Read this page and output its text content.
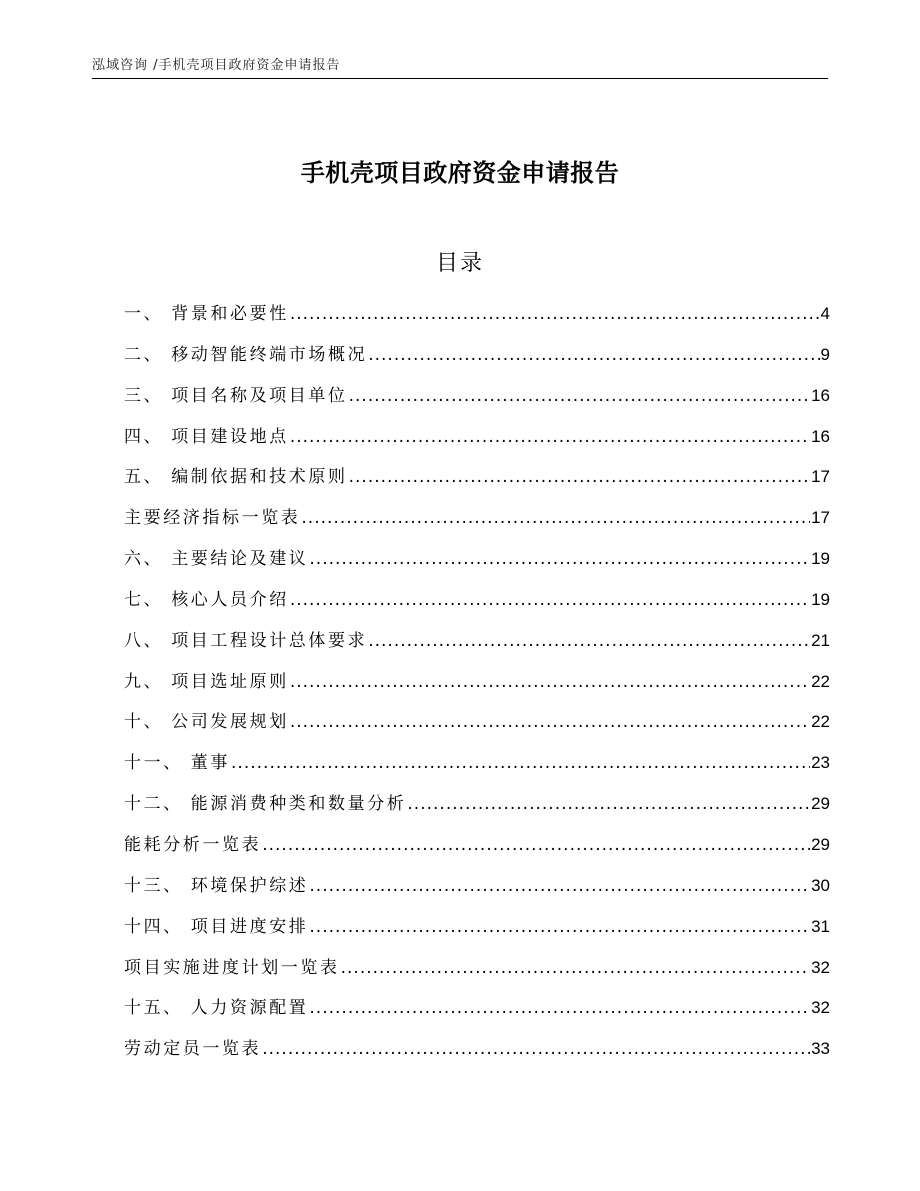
泓域咨询 /手机壳项目政府资金申请报告
手机壳项目政府资金申请报告
目录
一、 背景和必要性 .....	4
二、 移动智能终端市场概况 .....	9
三、 项目名称及项目单位 .....	16
四、 项目建设地点 .....	16
五、 编制依据和技术原则 .....	17
主要经济指标一览表 .....	17
六、 主要结论及建议 .....	19
七、 核心人员介绍 .....	19
八、 项目工程设计总体要求 .....	21
九、 项目选址原则 .....	22
十、 公司发展规划 .....	22
十一、 董事 .....	23
十二、 能源消费种类和数量分析 .....	29
能耗分析一览表 .....	29
十三、 环境保护综述 .....	30
十四、 项目进度安排 .....	31
项目实施进度计划一览表 .....	32
十五、 人力资源配置 .....	32
劳动定员一览表 .....	33
